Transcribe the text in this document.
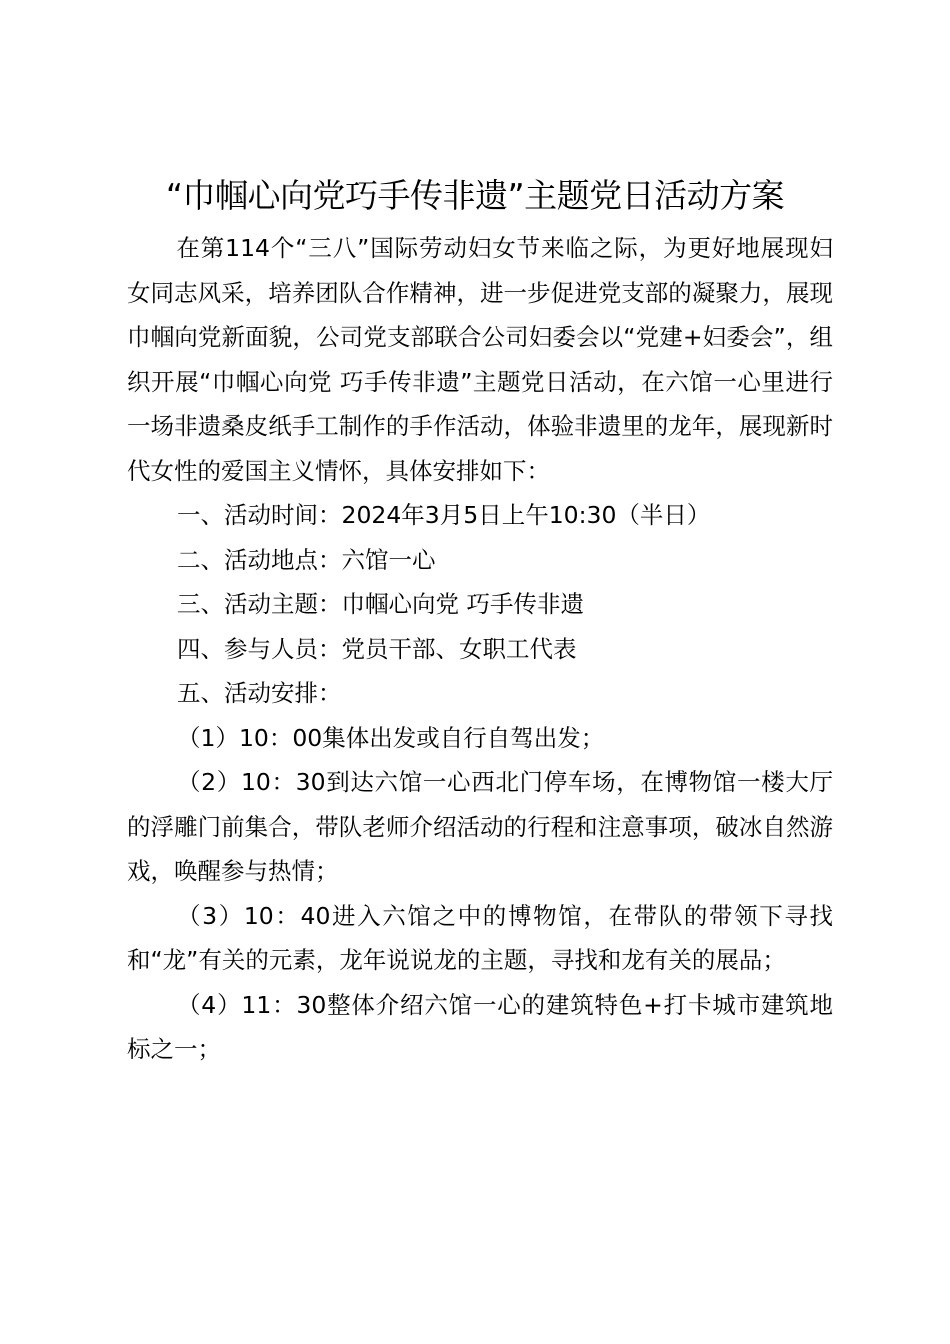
“巾帼心向党巧手传非遗”主题党日活动方案

在第114个“三八”国际劳动妇女节来临之际，为更好地展现妇女同志风采，培养团队合作精神，进一步促进党支部的凝聚力，展现巾帼向党新面貌，公司党支部联合公司妇委会以“党建+妇委会”，组织开展“巾帼心向党 巧手传非遗”主题党日活动，在六馆一心里进行一场非遗桑皮纸手工制作的手作活动，体验非遗里的龙年，展现新时代女性的爱国主义情怀，具体安排如下：

一、活动时间：2024年3月5日上午10:30（半日）

二、活动地点：六馆一心

三、活动主题：巾帼心向党 巧手传非遗

四、参与人员：党员干部、女职工代表

五、活动安排：

（1）10：00集体出发或自行自驾出发；

（2）10：30到达六馆一心西北门停车场，在博物馆一楼大厅的浮雕门前集合，带队老师介绍活动的行程和注意事项，破冰自然游戏，唤醒参与热情；

（3）10：40进入六馆之中的博物馆，在带队的带领下寻找和“龙”有关的元素，龙年说说龙的主题，寻找和龙有关的展品；

（4）11：30整体介绍六馆一心的建筑特色+打卡城市建筑地标之一；
